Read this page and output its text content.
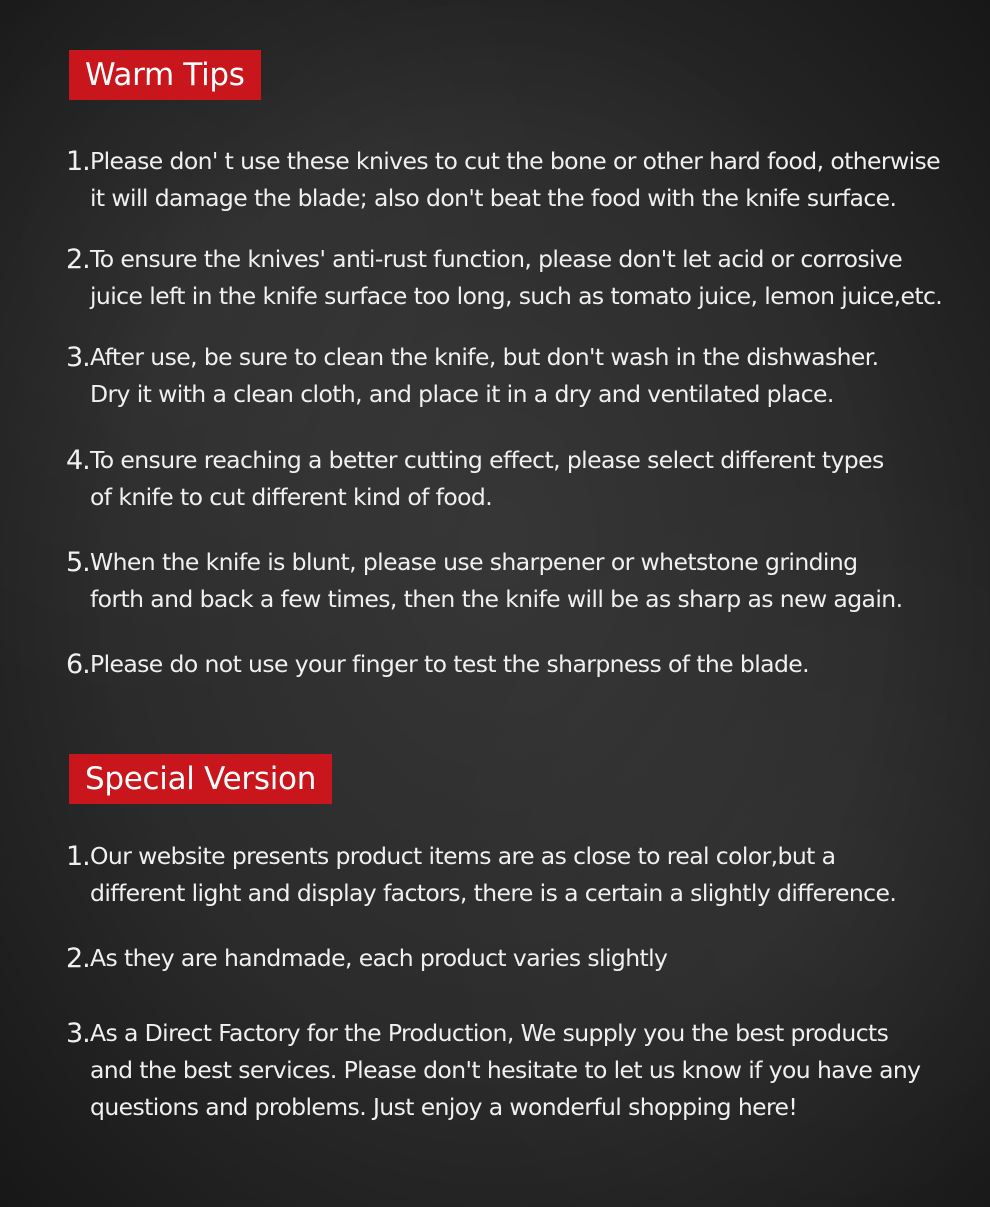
Warm Tips
1. Please don' t use these knives to cut the bone or other hard food, otherwise
it will damage the blade; also don't beat the food with the knife surface.
2. To ensure the knives' anti-rust function, please don't let acid or corrosive
juice left in the knife surface too long, such as tomato juice, lemon juice,etc.
3. After use, be sure to clean the knife, but don't wash in the dishwasher.
Dry it with a clean cloth, and place it in a dry and ventilated place.
4. To ensure reaching a better cutting effect, please select different types
of knife to cut different kind of food.
5. When the knife is blunt, please use sharpener or whetstone grinding
forth and back a few times, then the knife will be as sharp as new again.
6. Please do not use your finger to test the sharpness of the blade.
Special Version
1. Our website presents product items are as close to real color,but a
different light and display factors, there is a certain a slightly difference.
2. As they are handmade, each product varies slightly
3. As a Direct Factory for the Production, We supply you the best products
and the best services. Please don't hesitate to let us know if you have any
questions and problems. Just enjoy a wonderful shopping here!
